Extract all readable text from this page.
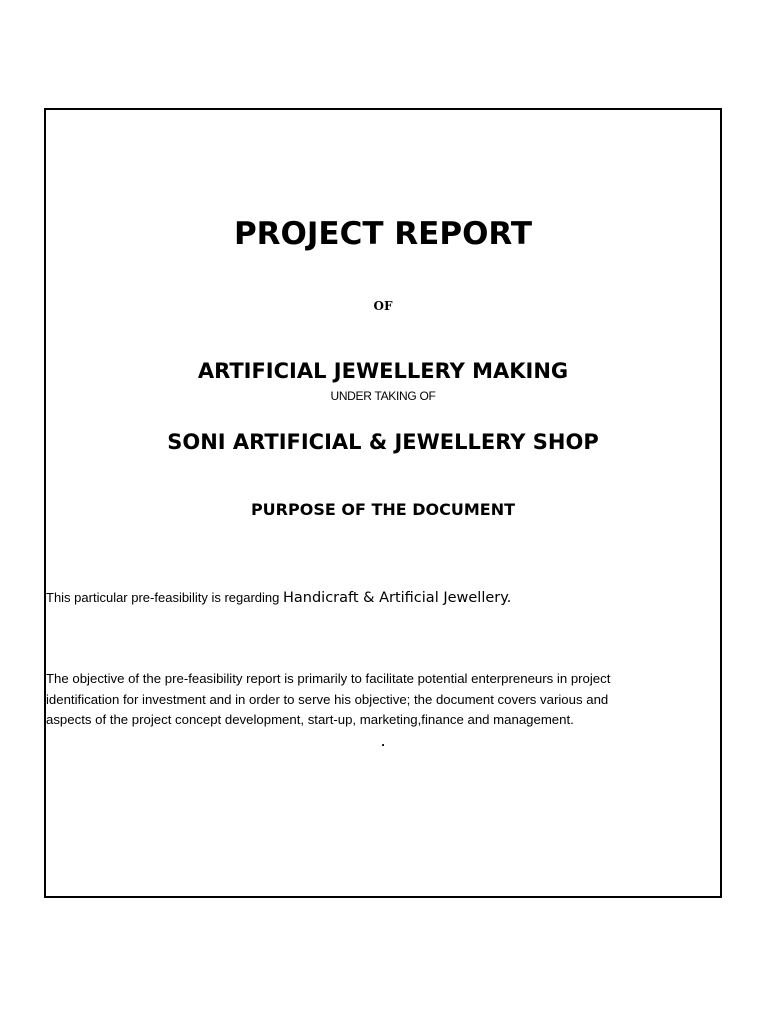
PROJECT REPORT
OF
ARTIFICIAL JEWELLERY MAKING
UNDER TAKING OF
SONI ARTIFICIAL & JEWELLERY SHOP
PURPOSE OF THE DOCUMENT
This particular pre-feasibility is regarding Handicraft & Artificial Jewellery.
The objective of the pre-feasibility report is primarily to facilitate potential enterpreneurs in project
identification for investment and in order to serve his objective; the document covers various and
aspects of the project concept development, start-up, marketing,finance and management.
.
